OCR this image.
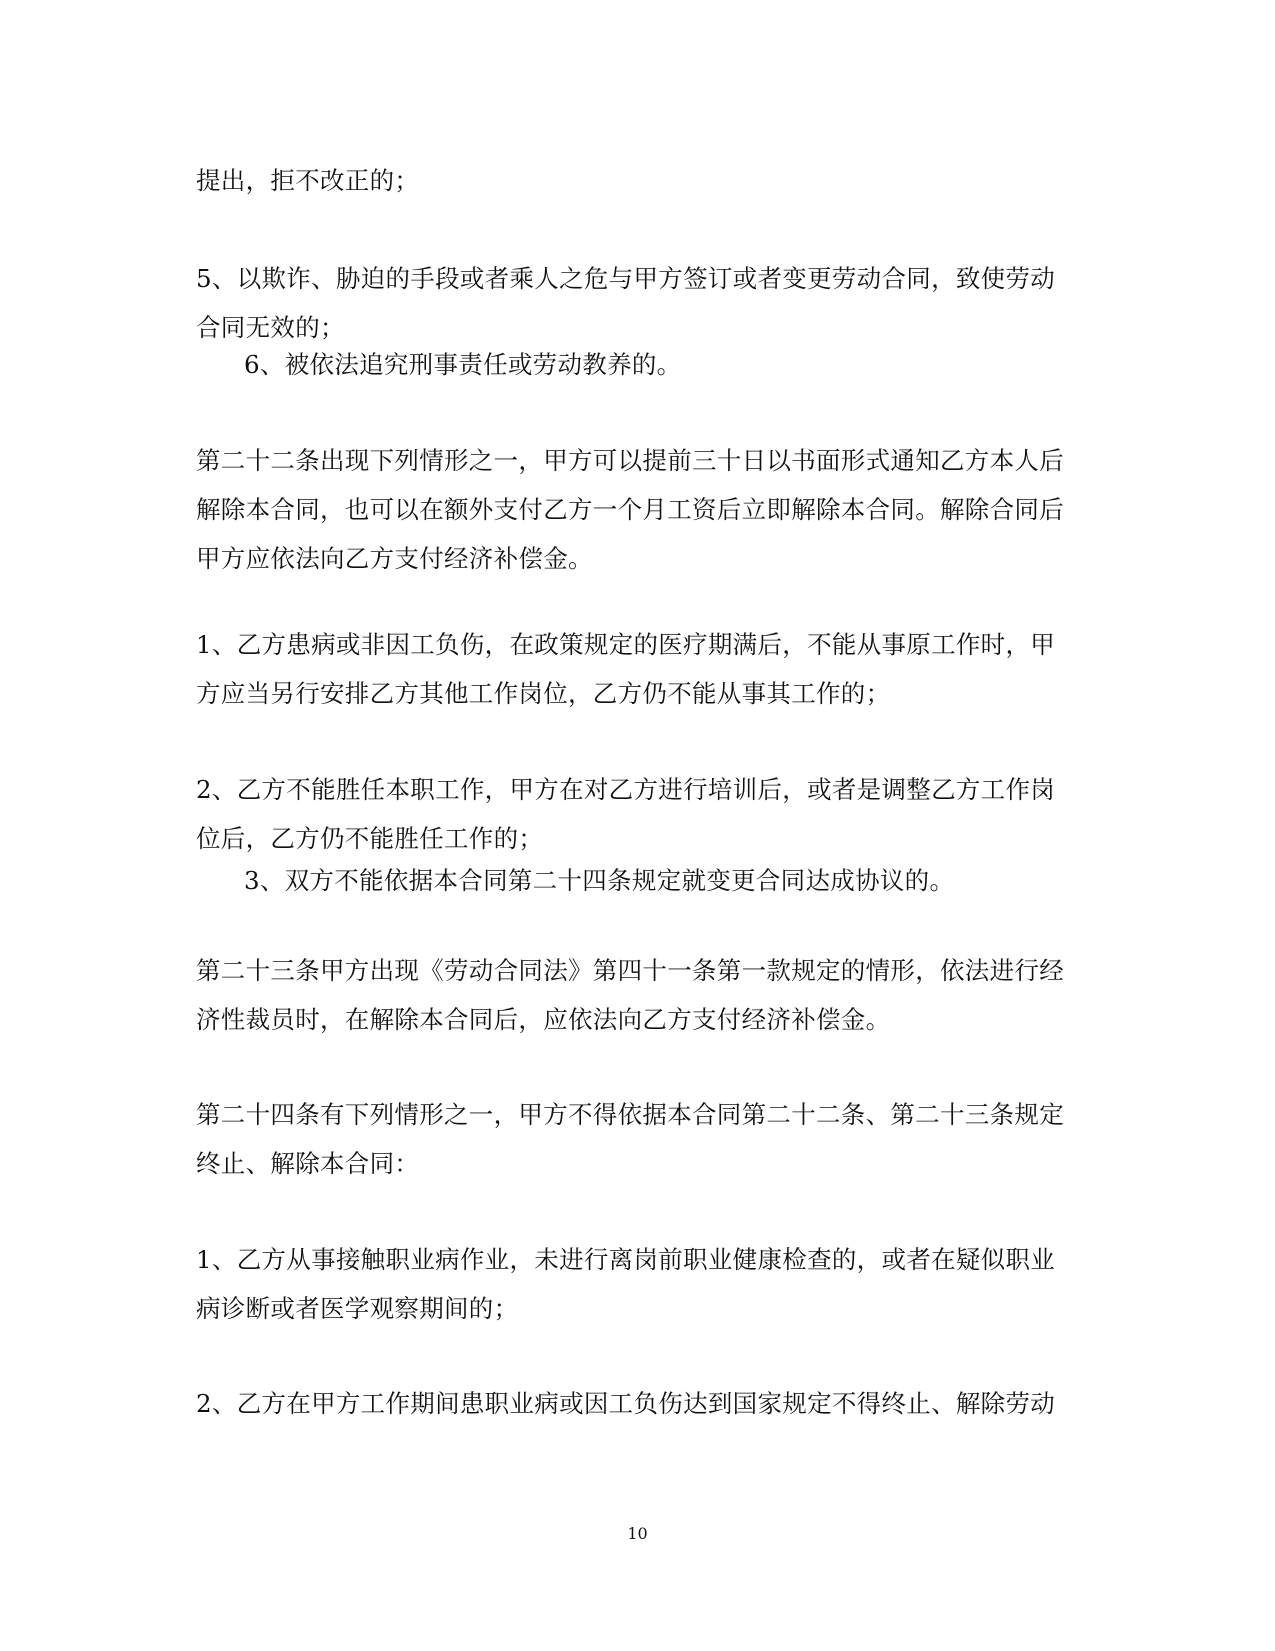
提出，拒不改正的；

5、以欺诈、胁迫的手段或者乘人之危与甲方签订或者变更劳动合同，致使劳动合同无效的；

6、被依法追究刑事责任或劳动教养的。

第二十二条出现下列情形之一，甲方可以提前三十日以书面形式通知乙方本人后解除本合同，也可以在额外支付乙方一个月工资后立即解除本合同。解除合同后甲方应依法向乙方支付经济补偿金。

1、乙方患病或非因工负伤，在政策规定的医疗期满后，不能从事原工作时，甲方应当另行安排乙方其他工作岗位，乙方仍不能从事其工作的；

2、乙方不能胜任本职工作，甲方在对乙方进行培训后，或者是调整乙方工作岗位后，乙方仍不能胜任工作的；

3、双方不能依据本合同第二十四条规定就变更合同达成协议的。

第二十三条甲方出现《劳动合同法》第四十一条第一款规定的情形，依法进行经济性裁员时，在解除本合同后，应依法向乙方支付经济补偿金。

第二十四条有下列情形之一，甲方不得依据本合同第二十二条、第二十三条规定终止、解除本合同：

1、乙方从事接触职业病作业，未进行离岗前职业健康检查的，或者在疑似职业病诊断或者医学观察期间的；

2、乙方在甲方工作期间患职业病或因工负伤达到国家规定不得终止、解除劳动

10
